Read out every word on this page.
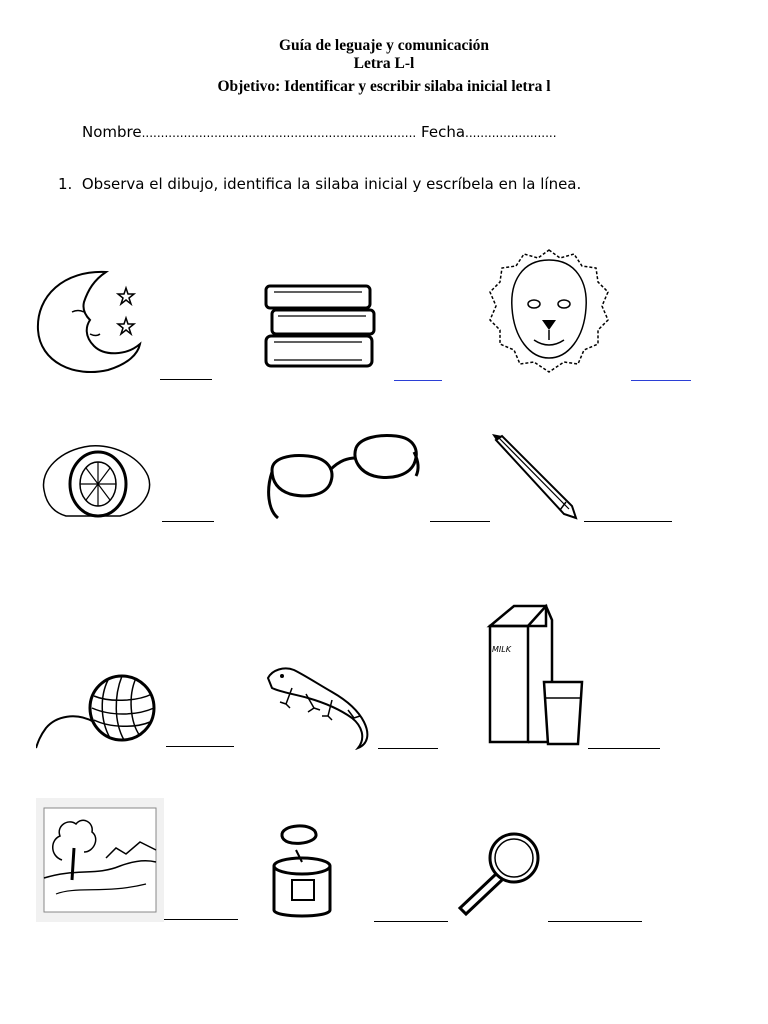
Guía de leguaje y comunicación
Letra L-l
Objetivo: Identificar y escribir silaba inicial letra l
Nombre........................................................................ Fecha........................
1. Observa el dibujo, identifica la silaba inicial y escríbela en la línea.
MILK
